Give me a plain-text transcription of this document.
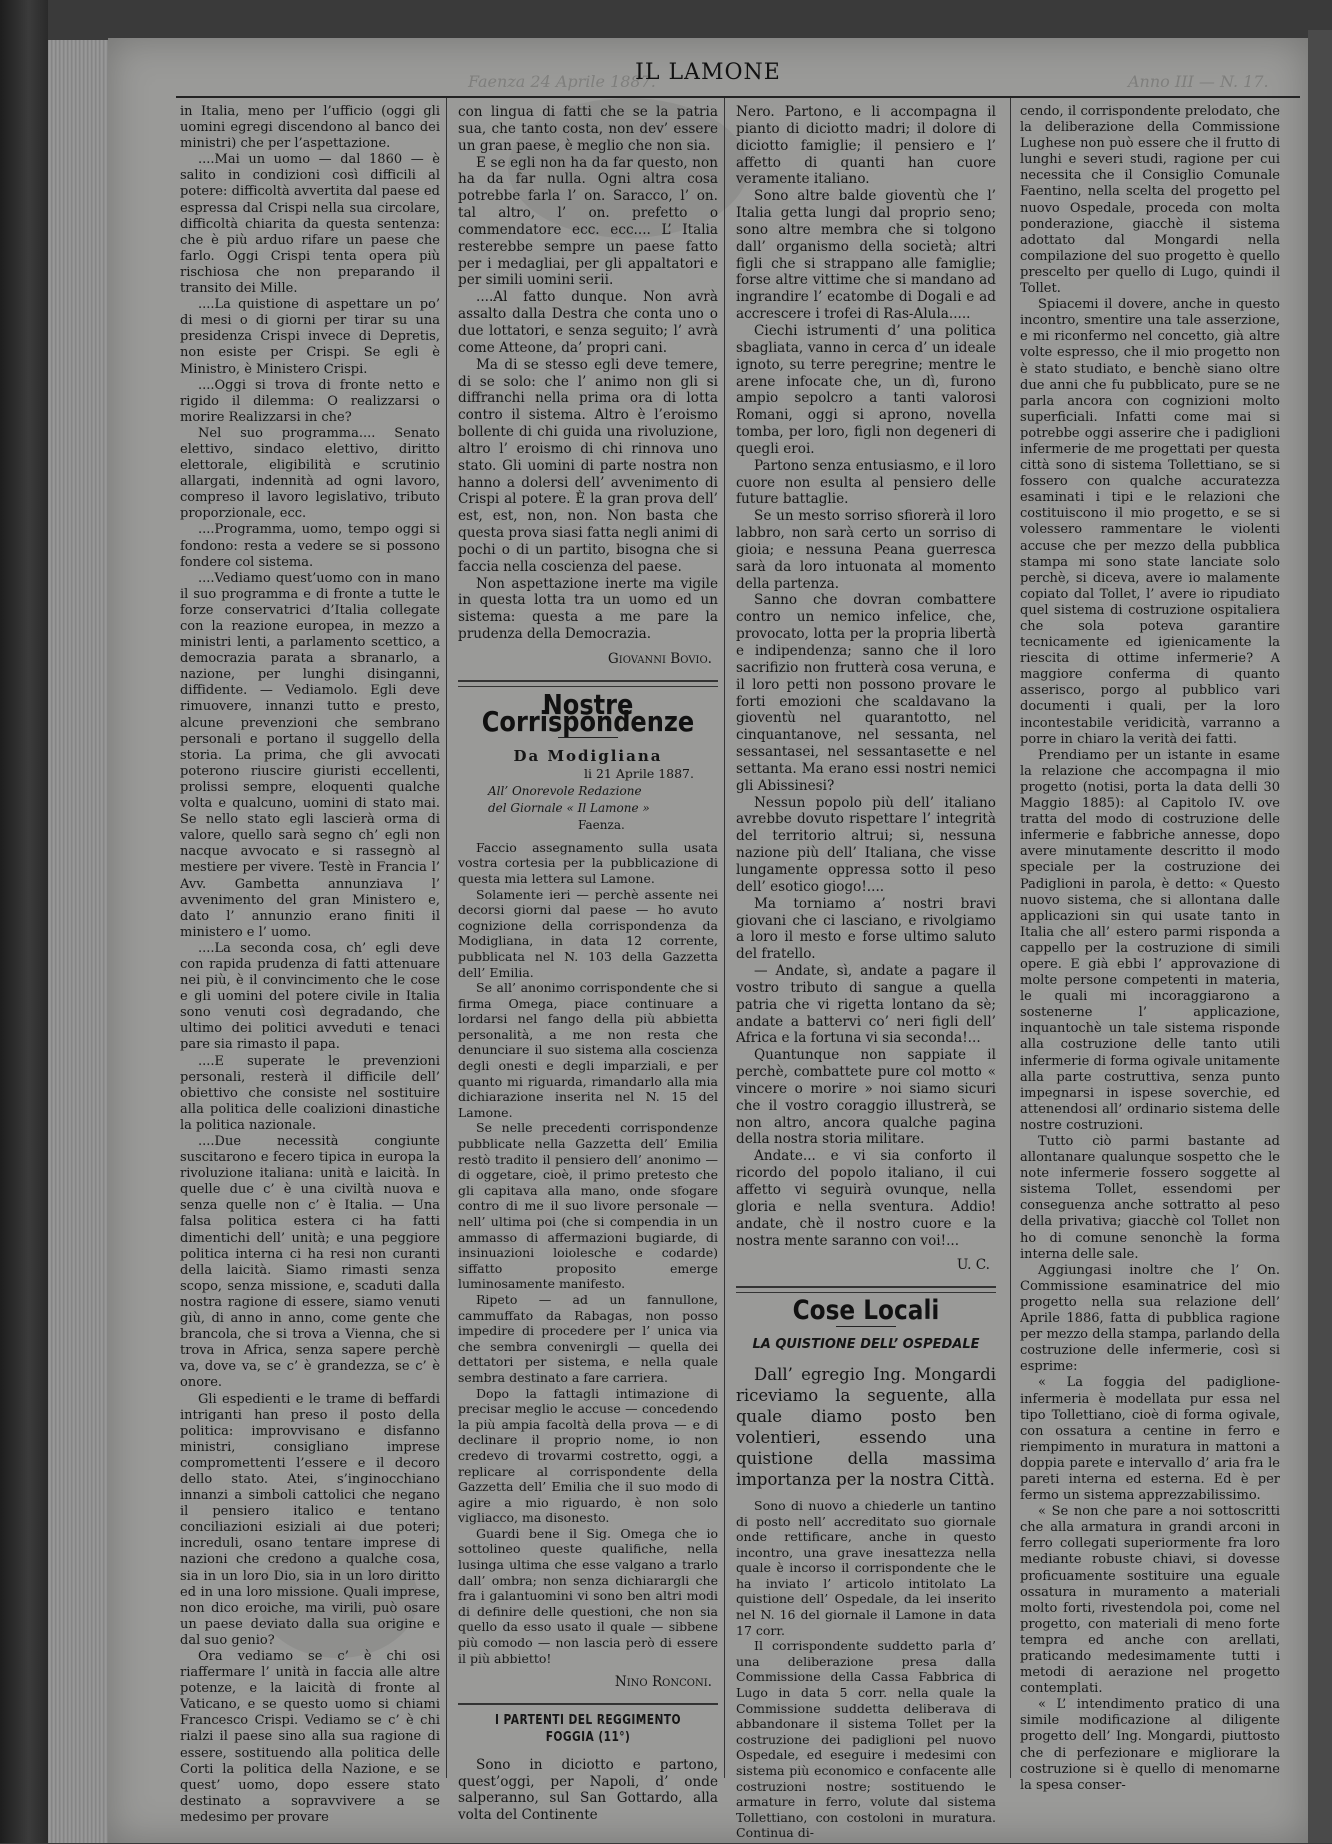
Faenza 24 Aprile 1887.	Anno III — N. 17.
IL LAMONE

in Italia, meno per l’ufficio (oggi gli uomini egregi discendono al banco dei ministri) che per l’aspettazione.

....Mai un uomo — dal 1860 — è salito in condizioni così difficili al potere: difficoltà avvertita dal paese ed espressa dal Crispi nella sua circolare, difficoltà chiarita da questa sentenza: che è più arduo rifare un paese che farlo. Oggi Crispi tenta opera più rischiosa che non preparando il transito dei Mille.

....La quistione di aspettare un po’ di mesi o di giorni per tirar su una presidenza Crispi invece di Depretis, non esiste per Crispi. Se egli è Ministro, è Ministero Crispi.

....Oggi si trova di fronte netto e rigido il dilemma: O realizzarsi o morire Realizzarsi in che?

Nel suo programma.... Senato elettivo, sindaco elettivo, diritto elettorale, eligibilità e scrutinio allargati, indennità ad ogni lavoro, compreso il lavoro legislativo, tributo proporzionale, ecc.

....Programma, uomo, tempo oggi si fondono: resta a vedere se si possono fondere col sistema.

....Vediamo quest’uomo con in mano il suo programma e di fronte a tutte le forze conservatrici d’Italia collegate con la reazione europea, in mezzo a ministri lenti, a parlamento scettico, a democrazia parata a sbranarlo, a nazione, per lunghi disinganni, diffidente. — Vediamolo. Egli deve rimuovere, innanzi tutto e presto, alcune prevenzioni che sembrano personali e portano il suggello della storia. La prima, che gli avvocati poterono riuscire giuristi eccellenti, prolissi sempre, eloquenti qualche volta e qualcuno, uomini di stato mai. Se nello stato egli lascierà orma di valore, quello sarà segno ch’ egli non nacque avvocato e si rassegnò al mestiere per vivere. Testè in Francia l’ Avv. Gambetta annunziava l’ avvenimento del gran Ministero e, dato l’ annunzio erano finiti il ministero e l’ uomo.

....La seconda cosa, ch’ egli deve con rapida prudenza di fatti attenuare nei più, è il convincimento che le cose e gli uomini del potere civile in Italia sono venuti così degradando, che ultimo dei politici avveduti e tenaci pare sia rimasto il papa.

....E superate le prevenzioni personali, resterà il difficile dell’ obiettivo che consiste nel sostituire alla politica delle coalizioni dinastiche la politica nazionale.

....Due necessità congiunte suscitarono e fecero tipica in europa la rivoluzione italiana: unità e laicità. In quelle due c’ è una civiltà nuova e senza quelle non c’ è Italia. — Una falsa politica estera ci ha fatti dimentichi dell’ unità; e una peggiore politica interna ci ha resi non curanti della laicità. Siamo rimasti senza scopo, senza missione, e, scaduti dalla nostra ragione di essere, siamo venuti giù, di anno in anno, come gente che brancola, che si trova a Vienna, che si trova in Africa, senza sapere perchè va, dove va, se c’ è grandezza, se c’ è onore.

Gli espedienti e le trame di beffardi intriganti han preso il posto della politica: improvvisano e disfanno ministri, consigliano imprese compromettenti l’essere e il decoro dello stato. Atei, s’inginocchiano innanzi a simboli cattolici che negano il pensiero italico e tentano conciliazioni esiziali ai due poteri; increduli, osano tentare imprese di nazioni che credono a qualche cosa, sia in un loro Dio, sia in un loro diritto ed in una loro missione. Quali imprese, non dico eroiche, ma virili, può osare un paese deviato dalla sua origine e dal suo genio?

Ora vediamo se c’ è chi osi riaffermare l’ unità in faccia alle altre potenze, e la laicità di fronte al Vaticano, e se questo uomo si chiami Francesco Crispi. Vediamo se c’ è chi rialzi il paese sino alla sua ragione di essere, sostituendo alla politica delle Corti la politica della Nazione, e se quest’ uomo, dopo essere stato destinato a sopravvivere a se medesimo per provare

con lingua di fatti che se la patria sua, che tanto costa, non dev’ essere un gran paese, è meglio che non sia.

E se egli non ha da far questo, non ha da far nulla. Ogni altra cosa potrebbe farla l’ on. Saracco, l’ on. tal altro, l’ on. prefetto o commendatore ecc. ecc.... L’ Italia resterebbe sempre un paese fatto per i medagliai, per gli appaltatori e per simili uomini serii.

....Al fatto dunque. Non avrà assalto dalla Destra che conta uno o due lottatori, e senza seguito; l’ avrà come Atteone, da’ propri cani.

Ma di se stesso egli deve temere, di se solo: che l’ animo non gli si diffranchi nella prima ora di lotta contro il sistema. Altro è l’eroismo bollente di chi guida una rivoluzione, altro l’ eroismo di chi rinnova uno stato. Gli uomini di parte nostra non hanno a dolersi dell’ avvenimento di Crispi al potere. È la gran prova dell’ est, est, non, non. Non basta che questa prova siasi fatta negli animi di pochi o di un partito, bisogna che si faccia nella coscienza del paese.

Non aspettazione inerte ma vigile in questa lotta tra un uomo ed un sistema: questa a me pare la prudenza della Democrazia.

Giovanni Bovio.

Nostre Corrispondenze
Da Modigliana
li 21 Aprile 1887.
All’ Onorevole Redazione
del Giornale « Il Lamone »
Faenza.

Faccio assegnamento sulla usata vostra cortesia per la pubblicazione di questa mia lettera sul Lamone.

Solamente ieri — perchè assente nei decorsi giorni dal paese — ho avuto cognizione della corrispondenza da Modigliana, in data 12 corrente, pubblicata nel N. 103 della Gazzetta dell’ Emilia.

Se all’ anonimo corrispondente che si firma Omega, piace continuare a lordarsi nel fango della più abbietta personalità, a me non resta che denunciare il suo sistema alla coscienza degli onesti e degli imparziali, e per quanto mi riguarda, rimandarlo alla mia dichiarazione inserita nel N. 15 del Lamone.

Se nelle precedenti corrispondenze pubblicate nella Gazzetta dell’ Emilia restò tradito il pensiero dell’ anonimo — di oggetare, cioè, il primo pretesto che gli capitava alla mano, onde sfogare contro di me il suo livore personale — nell’ ultima poi (che si compendia in un ammasso di affermazioni bugiarde, di insinuazioni loiolesche e codarde) siffatto proposito emerge luminosamente manifesto.

Ripeto — ad un fannullone, cammuffato da Rabagas, non posso impedire di procedere per l’ unica via che sembra convenirgli — quella dei dettatori per sistema, e nella quale sembra destinato a fare carriera.

Dopo la fattagli intimazione di precisar meglio le accuse — concedendo la più ampia facoltà della prova — e di declinare il proprio nome, io non credevo di trovarmi costretto, oggi, a replicare al corrispondente della Gazzetta dell’ Emilia che il suo modo di agire a mio riguardo, è non solo vigliacco, ma disonesto.

Guardi bene il Sig. Omega che io sottolineo queste qualifiche, nella lusinga ultima che esse valgano a trarlo dall’ ombra; non senza dichiarargli che fra i galantuomini vi sono ben altri modi di definire delle questioni, che non sia quello da esso usato il quale — sibbene più comodo — non lascia però di essere il più abbietto!

Nino Ronconi.

I PARTENTI DEL REGGIMENTO FOGGIA (11°)

Sono in diciotto e partono, quest’oggi, per Napoli, d’ onde salperanno, sul San Gottardo, alla volta del Continente

Nero. Partono, e li accompagna il pianto di diciotto madri; il dolore di diciotto famiglie; il pensiero e l’ affetto di quanti han cuore veramente italiano.

Sono altre balde gioventù che l’ Italia getta lungi dal proprio seno; sono altre membra che si tolgono dall’ organismo della società; altri figli che si strappano alle famiglie; forse altre vittime che si mandano ad ingrandire l’ ecatombe di Dogali e ad accrescere i trofei di Ras-Alula.....

Ciechi istrumenti d’ una politica sbagliata, vanno in cerca d’ un ideale ignoto, su terre peregrine; mentre le arene infocate che, un dì, furono ampio sepolcro a tanti valorosi Romani, oggi si aprono, novella tomba, per loro, figli non degeneri di quegli eroi.

Partono senza entusiasmo, e il loro cuore non esulta al pensiero delle future battaglie.

Se un mesto sorriso sfiorerà il loro labbro, non sarà certo un sorriso di gioia; e nessuna Peana guerresca sarà da loro intuonata al momento della partenza.

Sanno che dovran combattere contro un nemico infelice, che, provocato, lotta per la propria libertà e indipendenza; sanno che il loro sacrifizio non frutterà cosa veruna, e il loro petti non possono provare le forti emozioni che scaldavano la gioventù nel quarantotto, nel cinquantanove, nel sessanta, nel sessantasei, nel sessantasette e nel settanta. Ma erano essi nostri nemici gli Abissinesi?

Nessun popolo più dell’ italiano avrebbe dovuto rispettare l’ integrità del territorio altrui; si, nessuna nazione più dell’ Italiana, che visse lungamente oppressa sotto il peso dell’ esotico giogo!....

Ma torniamo a’ nostri bravi giovani che ci lasciano, e rivolgiamo a loro il mesto e forse ultimo saluto del fratello.

— Andate, sì, andate a pagare il vostro tributo di sangue a quella patria che vi rigetta lontano da sè; andate a battervi co’ neri figli dell’ Africa e la fortuna vi sia seconda!...

Quantunque non sappiate il perchè, combattete pure col motto « vincere o morire » noi siamo sicuri che il vostro coraggio illustrerà, se non altro, ancora qualche pagina della nostra storia militare.

Andate... e vi sia conforto il ricordo del popolo italiano, il cui affetto vi seguirà ovunque, nella gloria e nella sventura. Addio! andate, chè il nostro cuore e la nostra mente saranno con voi!...

U. C.

Cose Locali
LA QUISTIONE DELL’ OSPEDALE

Dall’ egregio Ing. Mongardi riceviamo la seguente, alla quale diamo posto ben volentieri, essendo una quistione della massima importanza per la nostra Città.

Sono di nuovo a chiederle un tantino di posto nell’ accreditato suo giornale onde rettificare, anche in questo incontro, una grave inesattezza nella quale è incorso il corrispondente che le ha inviato l’ articolo intitolato La quistione dell’ Ospedale, da lei inserito nel N. 16 del giornale il Lamone in data 17 corr.

Il corrispondente suddetto parla d’ una deliberazione presa dalla Commissione della Cassa Fabbrica di Lugo in data 5 corr. nella quale la Commissione suddetta deliberava di abbandonare il sistema Tollet per la costruzione dei padiglioni pel nuovo Ospedale, ed eseguire i medesimi con sistema più economico e confacente alle costruzioni nostre; sostituendo le armature in ferro, volute dal sistema Tollettiano, con costoloni in muratura. Continua di-

cendo, il corrispondente prelodato, che la deliberazione della Commissione Lughese non può essere che il frutto di lunghi e severi studi, ragione per cui necessita che il Consiglio Comunale Faentino, nella scelta del progetto pel nuovo Ospedale, proceda con molta ponderazione, giacchè il sistema adottato dal Mongardi nella compilazione del suo progetto è quello prescelto per quello di Lugo, quindi il Tollet.

Spiacemi il dovere, anche in questo incontro, smentire una tale asserzione, e mi riconfermo nel concetto, già altre volte espresso, che il mio progetto non è stato studiato, e benchè siano oltre due anni che fu pubblicato, pure se ne parla ancora con cognizioni molto superficiali. Infatti come mai si potrebbe oggi asserire che i padiglioni infermerie de me progettati per questa città sono di sistema Tollettiano, se si fossero con qualche accuratezza esaminati i tipi e le relazioni che costituiscono il mio progetto, e se si volessero rammentare le violenti accuse che per mezzo della pubblica stampa mi sono state lanciate solo perchè, si diceva, avere io malamente copiato dal Tollet, l’ avere io ripudiato quel sistema di costruzione ospitaliera che sola poteva garantire tecnicamente ed igienicamente la riescita di ottime infermerie? A maggiore conferma di quanto asserisco, porgo al pubblico vari documenti i quali, per la loro incontestabile veridicità, varranno a porre in chiaro la verità dei fatti.

Prendiamo per un istante in esame la relazione che accompagna il mio progetto (notisi, porta la data delli 30 Maggio 1885): al Capitolo IV. ove tratta del modo di costruzione delle infermerie e fabbriche annesse, dopo avere minutamente descritto il modo speciale per la costruzione dei Padiglioni in parola, è detto: « Questo nuovo sistema, che si allontana dalle applicazioni sin qui usate tanto in Italia che all’ estero parmi risponda a cappello per la costruzione di simili opere. E già ebbi l’ approvazione di molte persone competenti in materia, le quali mi incoraggiarono a sostenerne l’ applicazione, inquantochè un tale sistema risponde alla costruzione delle tanto utili infermerie di forma ogivale unitamente alla parte costruttiva, senza punto impegnarsi in ispese soverchie, ed attenendosi all’ ordinario sistema delle nostre costruzioni.

Tutto ciò parmi bastante ad allontanare qualunque sospetto che le note infermerie fossero soggette al sistema Tollet, essendomi per conseguenza anche sottratto al peso della privativa; giacchè col Tollet non ho di comune senonchè la forma interna delle sale.

Aggiungasi inoltre che l’ On. Commissione esaminatrice del mio progetto nella sua relazione dell’ Aprile 1886, fatta di pubblica ragione per mezzo della stampa, parlando della costruzione delle infermerie, così si esprime:

« La foggia del padiglione-infermeria è modellata pur essa nel tipo Tollettiano, cioè di forma ogivale, con ossatura a centine in ferro e riempimento in muratura in mattoni a doppia parete e intervallo d’ aria fra le pareti interna ed esterna. Ed è per fermo un sistema apprezzabilissimo.

« Se non che pare a noi sottoscritti che alla armatura in grandi arconi in ferro collegati superiormente fra loro mediante robuste chiavi, si dovesse proficuamente sostituire una eguale ossatura in muramento a materiali molto forti, rivestendola poi, come nel progetto, con materiali di meno forte tempra ed anche con arellati, praticando medesimamente tutti i metodi di aerazione nel progetto contemplati.

« L’ intendimento pratico di una simile modificazione al diligente progetto dell’ Ing. Mongardi, piuttosto che di perfezionare e migliorare la costruzione si è quello di menomarne la spesa conser-
